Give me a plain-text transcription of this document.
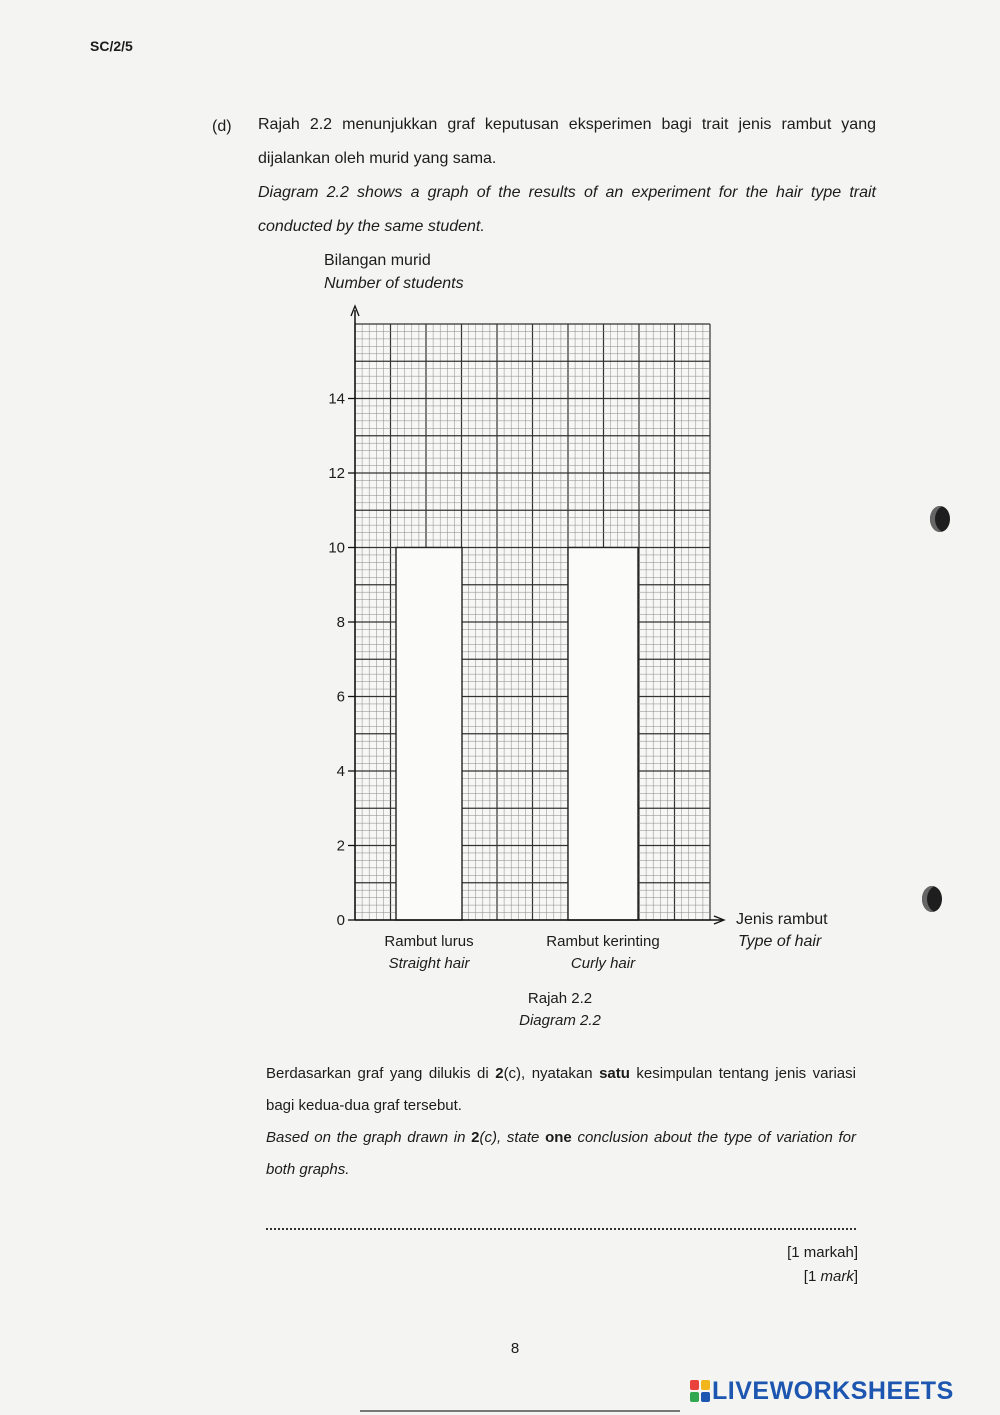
SC/2/5
(d) Rajah 2.2 menunjukkan graf keputusan eksperimen bagi trait jenis rambut yang dijalankan oleh murid yang sama.
Diagram 2.2 shows a graph of the results of an experiment for the hair type trait conducted by the same student.
Bilangan murid
Number of students
Rambut lurus
Straight hair
Rambut kerinting
Curly hair
0
2
4
6
8
10
12
14
Jenis rambut
Type of hair
Rajah 2.2
Diagram 2.2
Berdasarkan graf yang dilukis di 2(c), nyatakan satu kesimpulan tentang jenis variasi bagi kedua-dua graf tersebut.
Based on the graph drawn in 2(c), state one conclusion about the type of variation for both graphs.
[1 markah]
[1 mark]
8
LIVEWORKSHEETS
